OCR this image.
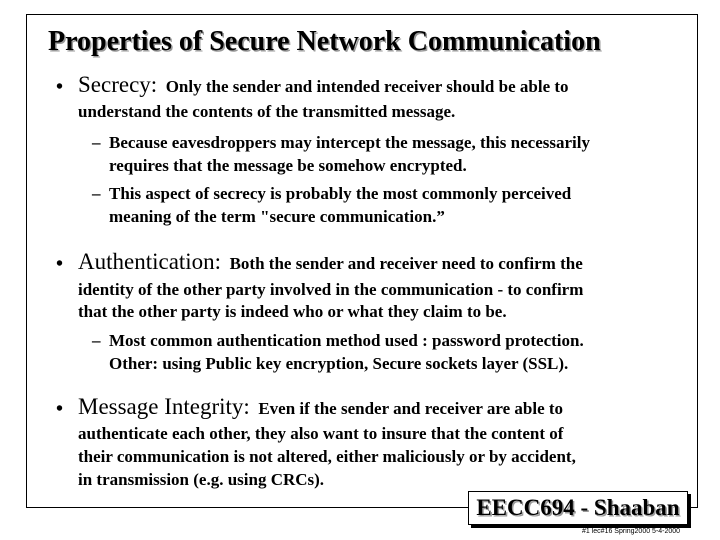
Properties of Secure Network Communication
• Secrecy: Only the sender and intended receiver should be able to
understand the contents of the transmitted message.
– Because eavesdroppers may intercept the message, this necessarily
requires that the message be somehow encrypted.
– This aspect of secrecy is probably the most commonly perceived
meaning of the term "secure communication.”
• Authentication: Both the sender and receiver need to confirm the
identity of the other party involved in the communication - to confirm
that the other party is indeed who or what they claim to be.
– Most common authentication method used : password protection.
Other: using Public key encryption, Secure sockets layer (SSL).
• Message Integrity: Even if the sender and receiver are able to
authenticate each other, they also want to insure that the content of
their communication is not altered, either maliciously or by accident,
in transmission (e.g. using CRCs).
EECC694 - Shaaban
#1 lec#16 Spring2000 5-4-2000
